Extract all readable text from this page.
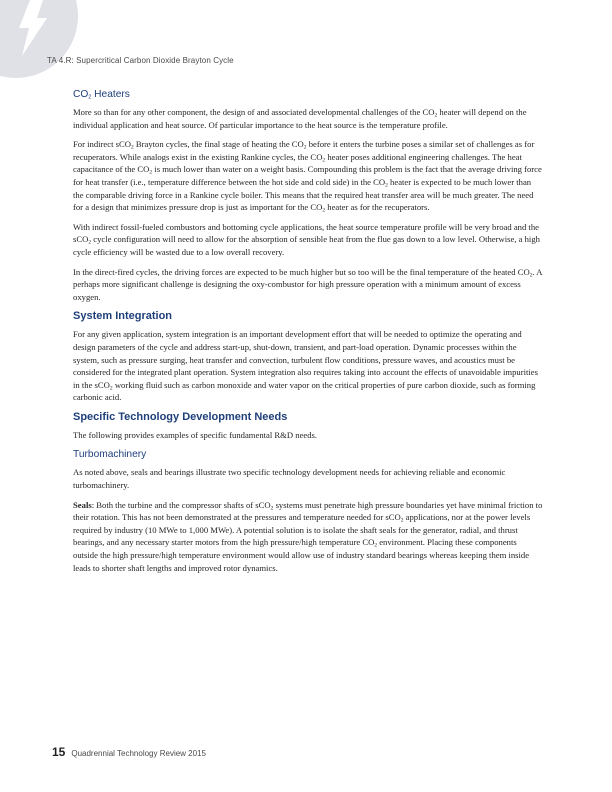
TA 4.R: Supercritical Carbon Dioxide Brayton Cycle
$CO_2$ Heaters

More so than for any other component, the design of and associated developmental challenges of the $CO_2$ heater will depend on the individual application and heat source. Of particular importance to the heat source is the temperature profile.

For indirect sCO$_2$ Brayton cycles, the final stage of heating the $CO_2$ before it enters the turbine poses a similar set of challenges as for recuperators. While analogs exist in the existing Rankine cycles, the $CO_2$ heater poses additional engineering challenges. The heat capacitance of the $CO_2$ is much lower than water on a weight basis. Compounding this problem is the fact that the average driving force for heat transfer (i.e., temperature difference between the hot side and cold side) in the $CO_2$ heater is expected to be much lower than the comparable driving force in a Rankine cycle boiler. This means that the required heat transfer area will be much greater. The need for a design that minimizes pressure drop is just as important for the $CO_2$ heater as for the recuperators.

With indirect fossil-fueled combustors and bottoming cycle applications, the heat source temperature profile will be very broad and the sCO$_2$ cycle configuration will need to allow for the absorption of sensible heat from the flue gas down to a low level. Otherwise, a high cycle efficiency will be wasted due to a low overall recovery.

In the direct-fired cycles, the driving forces are expected to be much higher but so too will be the final temperature of the heated $CO_2$. A perhaps more significant challenge is designing the oxy-combustor for high pressure operation with a minimum amount of excess oxygen.

System Integration

For any given application, system integration is an important development effort that will be needed to optimize the operating and design parameters of the cycle and address start-up, shut-down, transient, and part-load operation. Dynamic processes within the system, such as pressure surging, heat transfer and convection, turbulent flow conditions, pressure waves, and acoustics must be considered for the integrated plant operation. System integration also requires taking into account the effects of unavoidable impurities in the sCO$_2$ working fluid such as carbon monoxide and water vapor on the critical properties of pure carbon dioxide, such as forming carbonic acid.

Specific Technology Development Needs

The following provides examples of specific fundamental R&D needs.

Turbomachinery

As noted above, seals and bearings illustrate two specific technology development needs for achieving reliable and economic turbomachinery.

Seals: Both the turbine and the compressor shafts of sCO$_2$ systems must penetrate high pressure boundaries yet have minimal friction to their rotation. This has not been demonstrated at the pressures and temperature needed for sCO$_2$ applications, nor at the power levels required by industry (10 MWe to 1,000 MWe). A potential solution is to isolate the shaft seals for the generator, radial, and thrust bearings, and any necessary starter motors from the high pressure/high temperature $CO_2$ environment. Placing these components outside the high pressure/high temperature environment would allow use of industry standard bearings whereas keeping them inside leads to shorter shaft lengths and improved rotor dynamics.

15 Quadrennial Technology Review 2015
